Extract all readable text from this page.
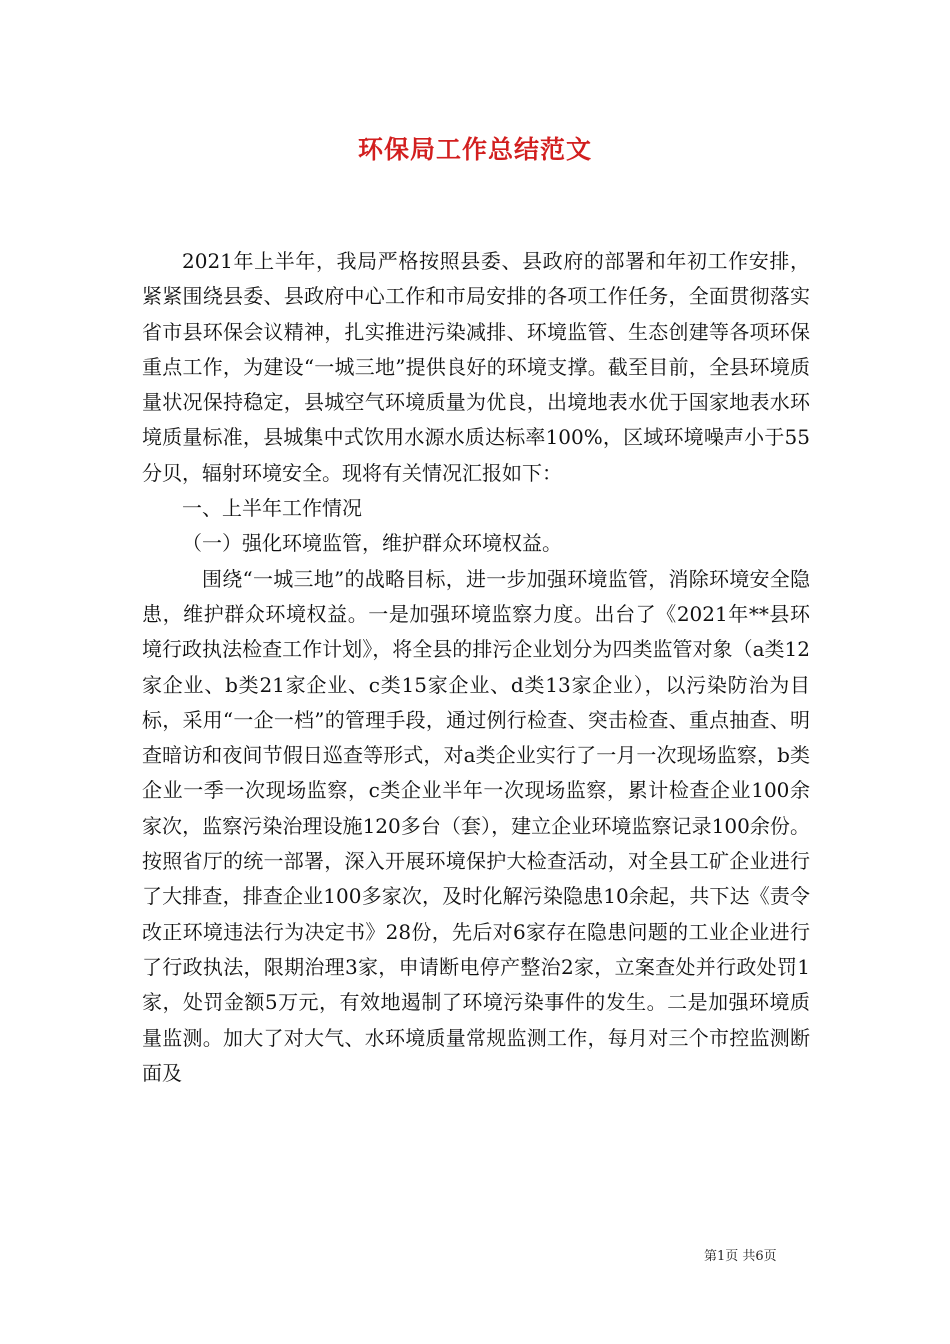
环保局工作总结范文

2021年上半年，我局严格按照县委、县政府的部署和年初工作安排，紧紧围绕县委、县政府中心工作和市局安排的各项工作任务，全面贯彻落实省市县环保会议精神，扎实推进污染减排、环境监管、生态创建等各项环保重点工作，为建设“一城三地”提供良好的环境支撑。截至目前，全县环境质量状况保持稳定，县城空气环境质量为优良，出境地表水优于国家地表水环境质量标准，县城集中式饮用水源水质达标率100%，区域环境噪声小于55分贝，辐射环境安全。现将有关情况汇报如下：

一、上半年工作情况

（一）强化环境监管，维护群众环境权益。

围绕“一城三地”的战略目标，进一步加强环境监管，消除环境安全隐患，维护群众环境权益。一是加强环境监察力度。出台了《2021年**县环境行政执法检查工作计划》，将全县的排污企业划分为四类监管对象（a类12家企业、b类21家企业、c类15家企业、d类13家企业），以污染防治为目标，采用“一企一档”的管理手段，通过例行检查、突击检查、重点抽查、明查暗访和夜间节假日巡查等形式，对a类企业实行了一月一次现场监察，b类企业一季一次现场监察，c类企业半年一次现场监察，累计检查企业100余家次，监察污染治理设施120多台（套），建立企业环境监察记录100余份。按照省厅的统一部署，深入开展环境保护大检查活动，对全县工矿企业进行了大排查，排查企业100多家次，及时化解污染隐患10余起，共下达《责令改正环境违法行为决定书》28份，先后对6家存在隐患问题的工业企业进行了行政执法，限期治理3家，申请断电停产整治2家，立案查处并行政处罚1家，处罚金额5万元，有效地遏制了环境污染事件的发生。二是加强环境质量监测。加大了对大气、水环境质量常规监测工作，每月对三个市控监测断面及

第1页 共6页
